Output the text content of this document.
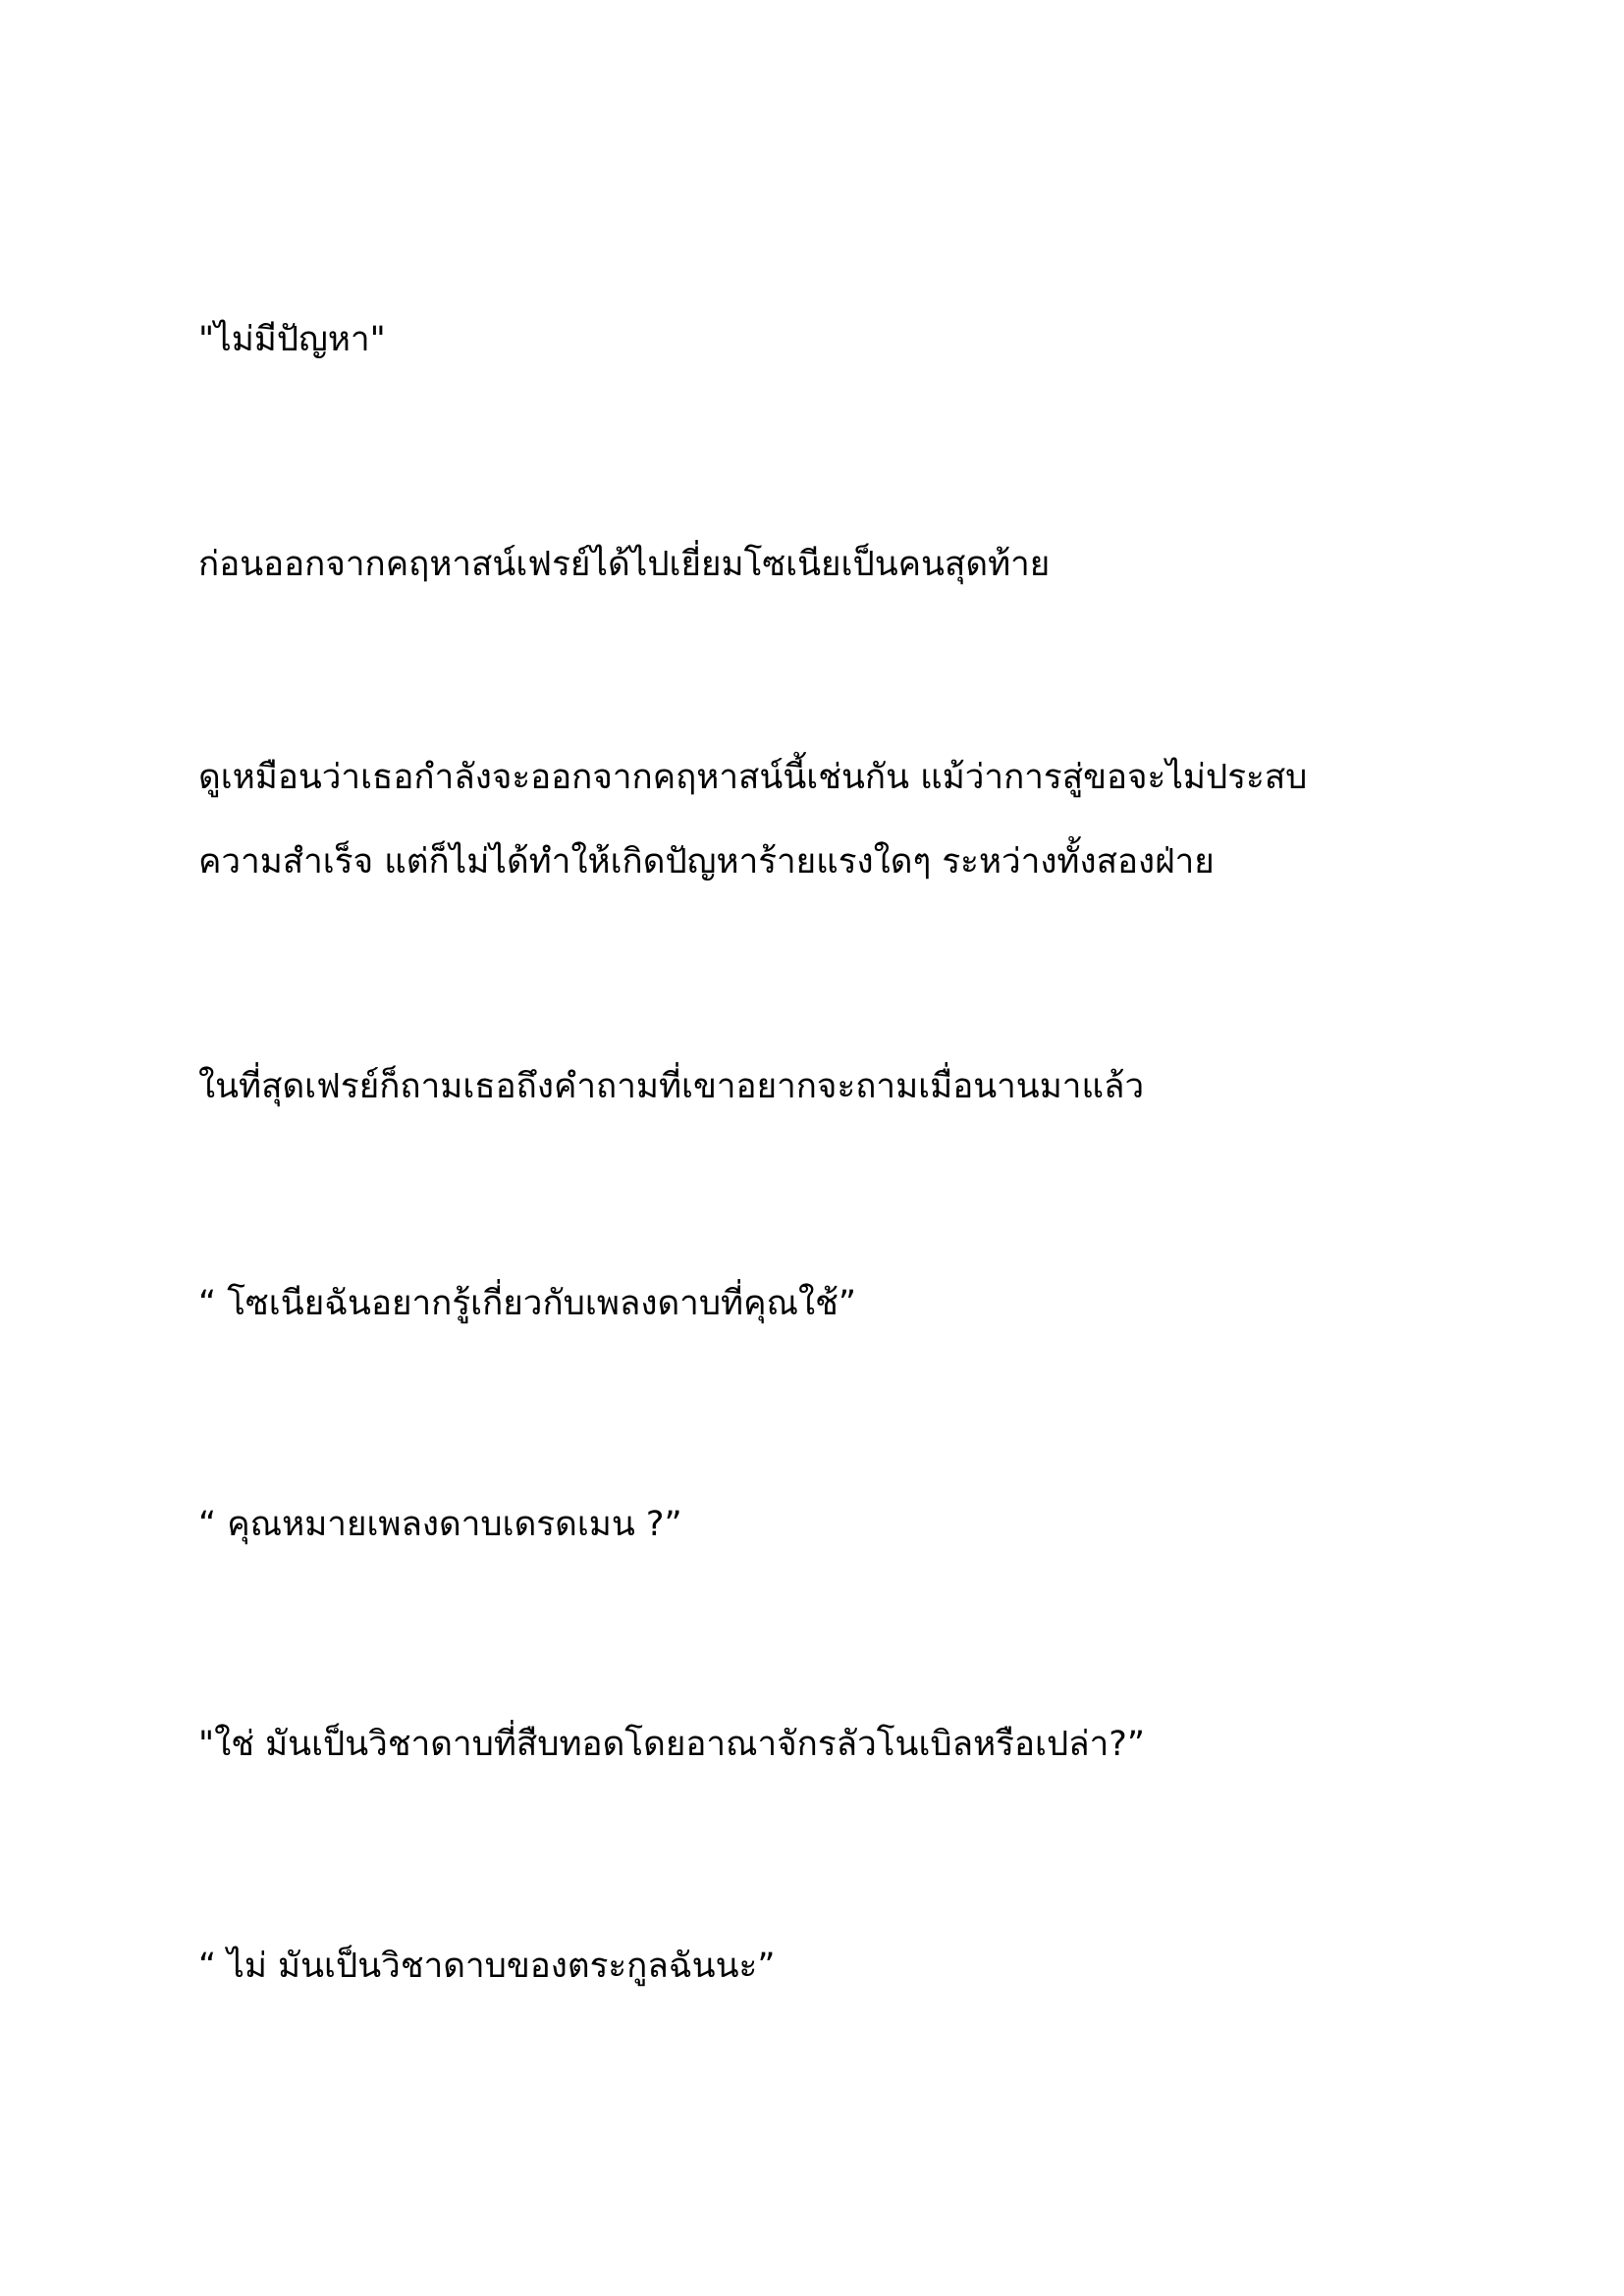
"ไม่มีปัญหา"
ก่อนออกจากคฤหาสน์เฟรย์ได้ไปเยี่ยมโซเนียเป็นคนสุดท้าย
ดูเหมือนว่าเธอกำลังจะออกจากคฤหาสน์นี้เช่นกัน แม้ว่าการสู่ขอจะไม่ประสบ
ความสำเร็จ แต่ก็ไม่ได้ทำให้เกิดปัญหาร้ายแรงใดๆ ระหว่างทั้งสองฝ่าย
ในที่สุดเฟรย์ก็ถามเธอถึงคำถามที่เขาอยากจะถามเมื่อนานมาแล้ว
“ โซเนียฉันอยากรู้เกี่ยวกับเพลงดาบที่คุณใช้”
“ คุณหมายเพลงดาบเดรดเมน ?”
"ใช่ มันเป็นวิชาดาบที่สืบทอดโดยอาณาจักรลัวโนเบิลหรือเปล่า?”
“ ไม่ มันเป็นวิชาดาบของตระกูลฉันนะ”
